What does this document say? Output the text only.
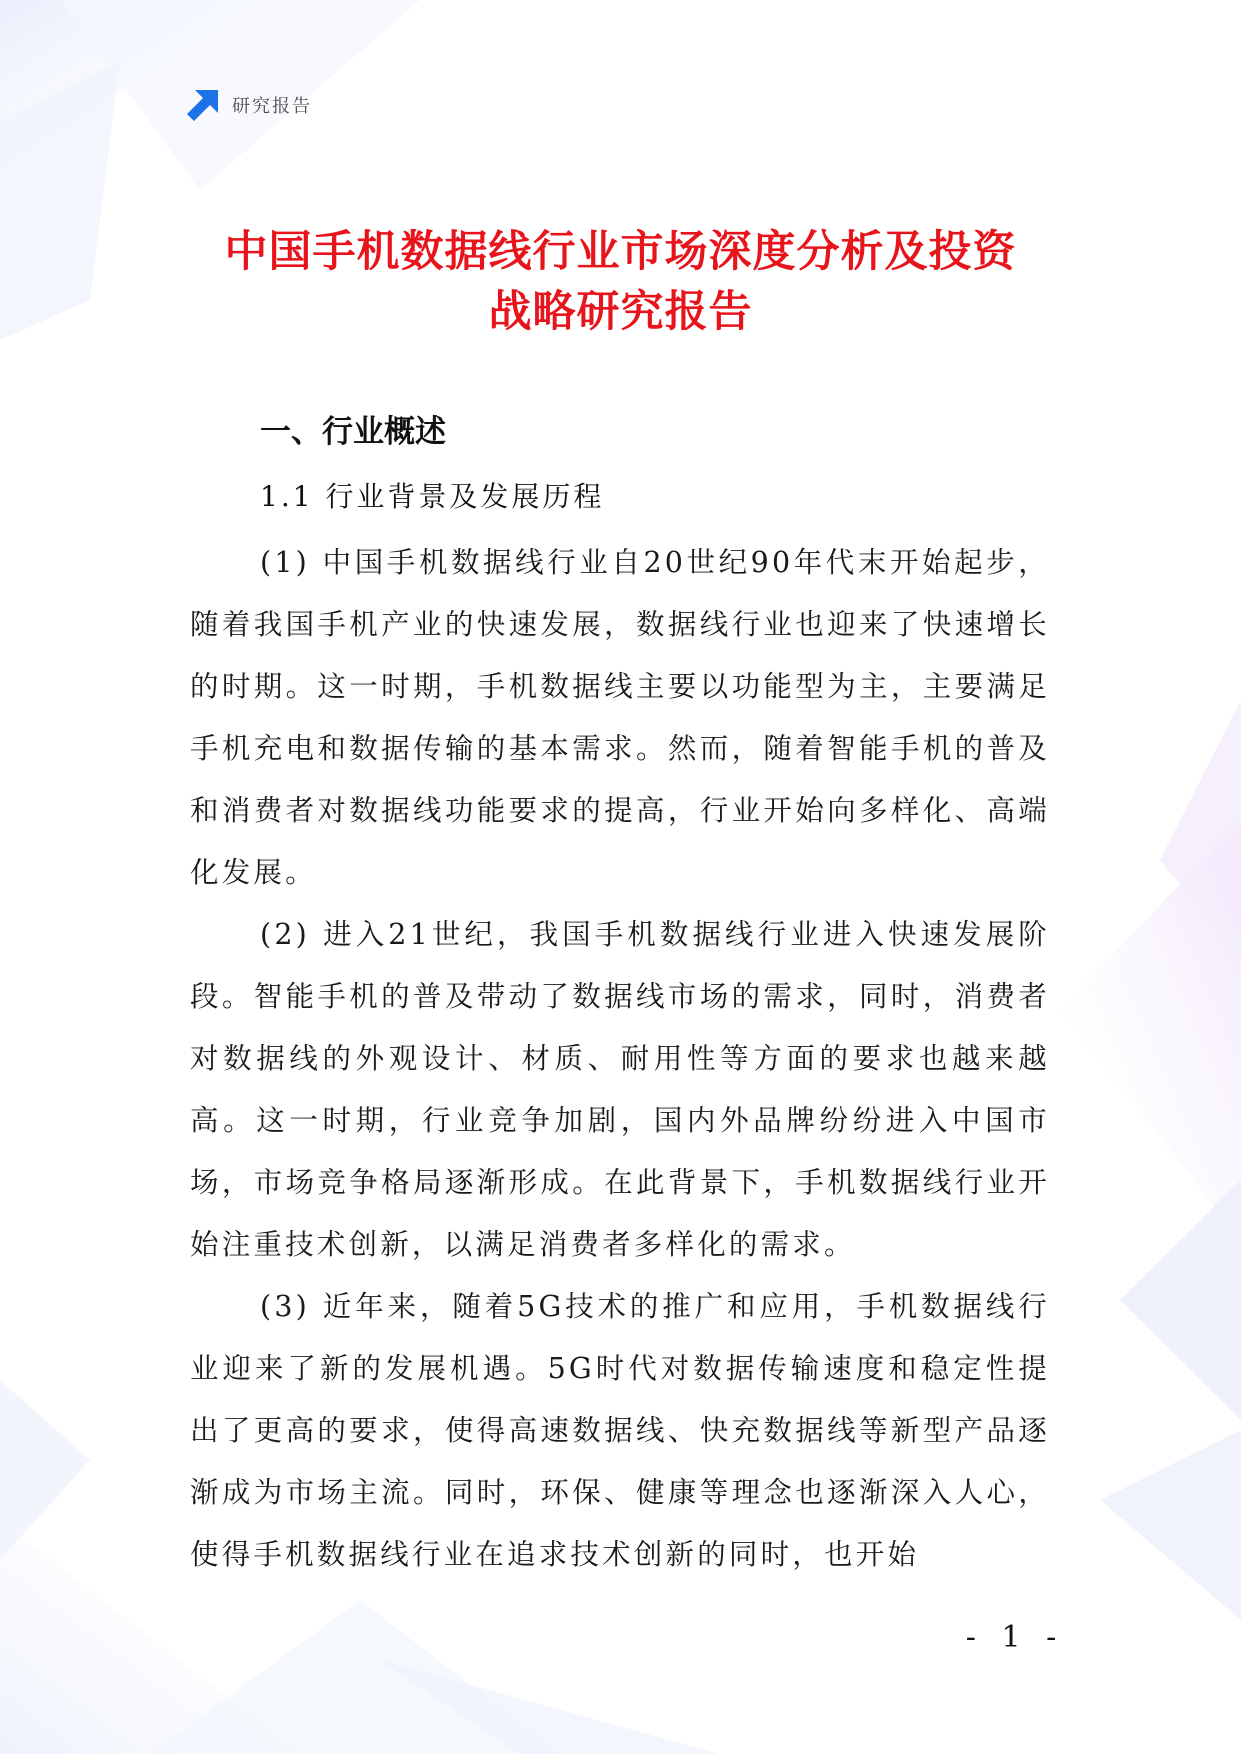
研究报告
中国手机数据线行业市场深度分析及投资
战略研究报告
一、行业概述
1.1 行业背景及发展历程

(1) 中国手机数据线行业自20世纪90年代末开始起步，随着我国手机产业的快速发展，数据线行业也迎来了快速增长的时期。这一时期，手机数据线主要以功能型为主，主要满足手机充电和数据传输的基本需求。然而，随着智能手机的普及和消费者对数据线功能要求的提高，行业开始向多样化、高端化发展。

(2) 进入21世纪，我国手机数据线行业进入快速发展阶段。智能手机的普及带动了数据线市场的需求，同时，消费者对数据线的外观设计、材质、耐用性等方面的要求也越来越高。这一时期，行业竞争加剧，国内外品牌纷纷进入中国市场，市场竞争格局逐渐形成。在此背景下，手机数据线行业开始注重技术创新，以满足消费者多样化的需求。

(3) 近年来，随着5G技术的推广和应用，手机数据线行业迎来了新的发展机遇。5G时代对数据传输速度和稳定性提出了更高的要求，使得高速数据线、快充数据线等新型产品逐渐成为市场主流。同时，环保、健康等理念也逐渐深入人心，使得手机数据线行业在追求技术创新的同时，也开始

- 1 -
